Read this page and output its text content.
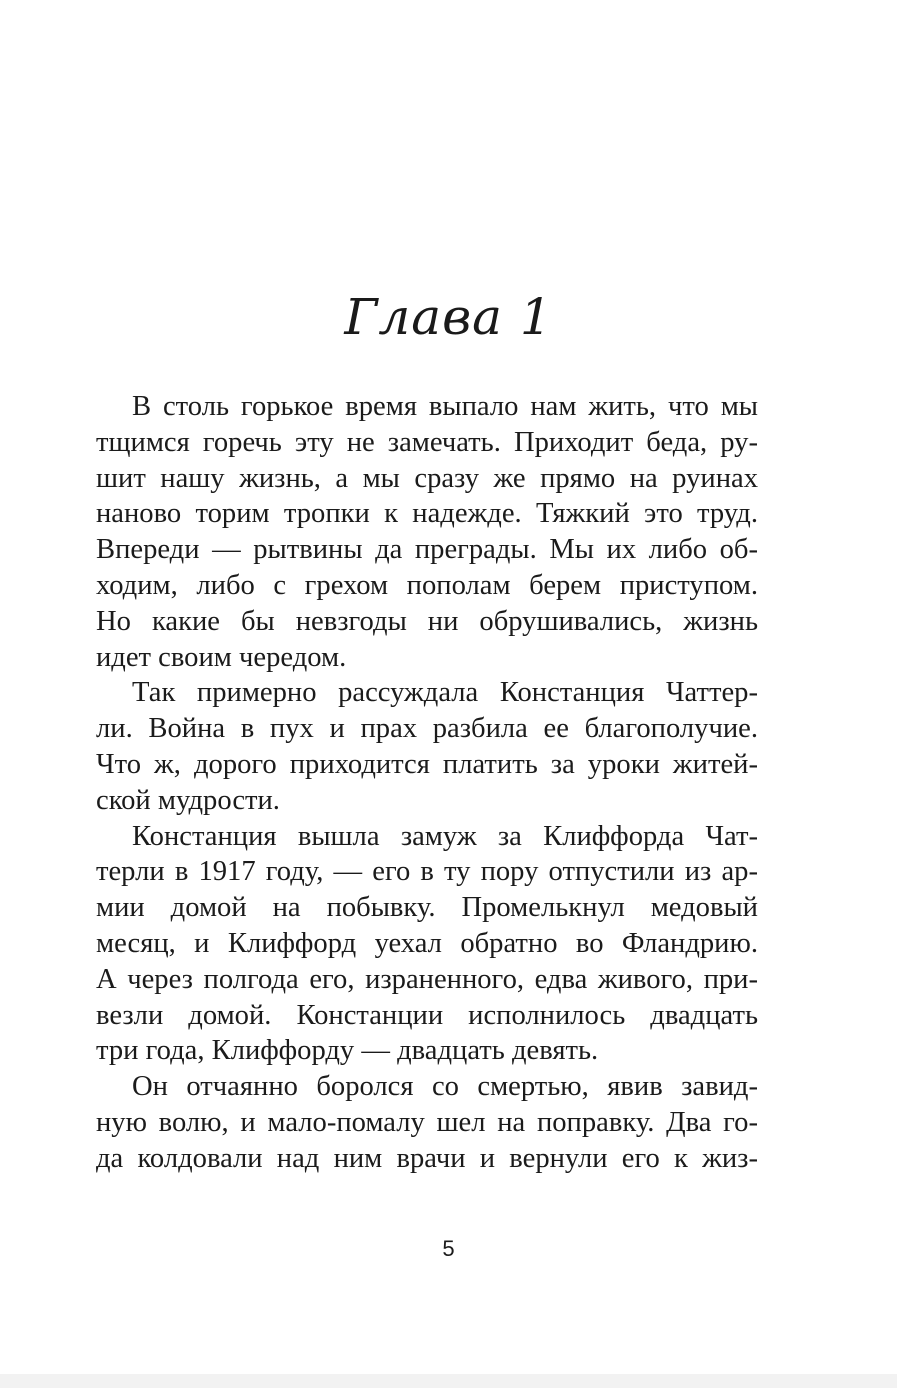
Глава 1
В столь горькое время выпало нам жить, что мы
тщимся горечь эту не замечать. Приходит беда, ру-
шит нашу жизнь, а мы сразу же прямо на руинах
наново торим тропки к надежде. Тяжкий это труд.
Впереди — рытвины да преграды. Мы их либо об-
ходим, либо с грехом пополам берем приступом.
Но какие бы невзгоды ни обрушивались, жизнь
идет своим чередом.
Так примерно рассуждала Констанция Чаттер-
ли. Война в пух и прах разбила ее благополучие.
Что ж, дорого приходится платить за уроки житей-
ской мудрости.
Констанция вышла замуж за Клиффорда Чат-
терли в 1917 году, — его в ту пору отпустили из ар-
мии домой на побывку. Промелькнул медовый
месяц, и Клиффорд уехал обратно во Фландрию.
А через полгода его, израненного, едва живого, при-
везли домой. Констанции исполнилось двадцать
три года, Клиффорду — двадцать девять.
Он отчаянно боролся со смертью, явив завид-
ную волю, и мало-помалу шел на поправку. Два го-
да колдовали над ним врачи и вернули его к жиз-
5
